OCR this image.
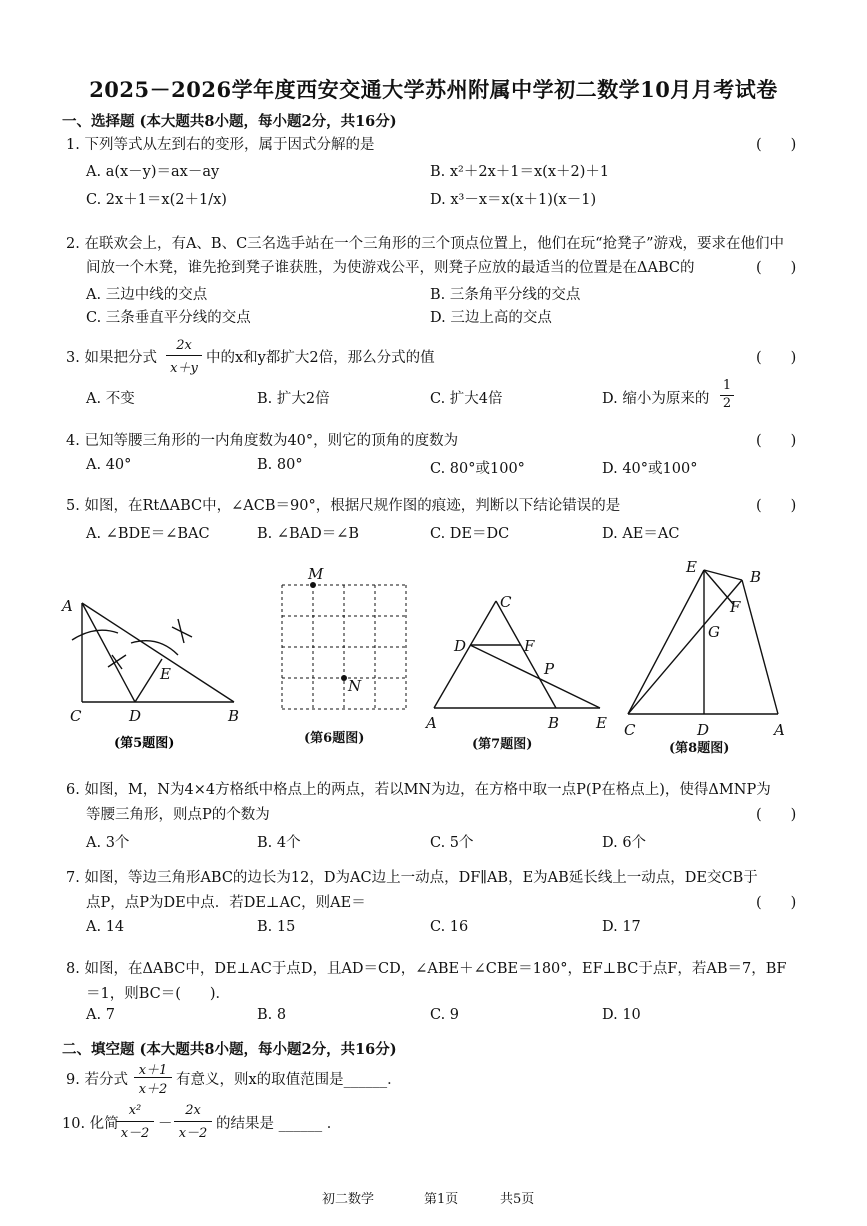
2025－2026学年度西安交通大学苏州附属中学初二数学10月月考试卷
一、选择题 (本大题共8小题，每小题2分，共16分)
1. 下列等式从左到右的变形，属于因式分解的是	(　　)
A. a(x－y)＝ax－ay	B. x²＋2x＋1＝x(x＋2)＋1
C. 2x＋1＝x(2＋1/x)	D. x³－x＝x(x＋1)(x－1)
2. 在联欢会上，有A、B、C三名选手站在一个三角形的三个顶点位置上，他们在玩“抢凳子”游戏，要求在他们中
间放一个木凳，谁先抢到凳子谁获胜，为使游戏公平，则凳子应放的最适当的位置是在ΔABC的	(　　)
A. 三边中线的交点	B. 三条角平分线的交点
C. 三条垂直平分线的交点	D. 三边上高的交点
3. 如果把分式
2x
x＋y
中的x和y都扩大2倍，那么分式的值	(　　)
A. 不变	B. 扩大2倍	C. 扩大4倍	D. 缩小为原来的
1
2
4. 已知等腰三角形的一内角度数为40°，则它的顶角的度数为	(　　)
A. 40°	B. 80°	C. 80°或100°	D. 40°或100°
5. 如图，在RtΔABC中，∠ACB＝90°，根据尺规作图的痕迹，判断以下结论错误的是	(　　)
A. ∠BDE＝∠BAC	B. ∠BAD＝∠B	C. DE＝DC	D. AE＝AC
A
C	D	B
E
(第5题图)
M
N
(第6题图)
C
D	F
P
A	B E
(第7题图)
E
B
F
G
C	D	A
(第8题图)
6. 如图，M，N为4×4方格纸中格点上的两点，若以MN为边，在方格中取一点P(P在格点上)，使得ΔMNP为
等腰三角形，则点P的个数为	(　　)
A. 3个	B. 4个	C. 5个	D. 6个
7. 如图，等边三角形ABC的边长为12，D为AC边上一动点，DF∥AB，E为AB延长线上一动点，DE交CB于
点P，点P为DE中点．若DE⊥AC，则AE＝	(　　)
A. 14	B. 15	C. 16	D. 17
8. 如图，在ΔABC中，DE⊥AC于点D，且AD＝CD，∠ABE＋∠CBE＝180°，EF⊥BC于点F，若AB＝7，BF
＝1，则BC＝(　　)．
A. 7	B. 8	C. 9	D. 10
二、填空题 (本大题共8小题，每小题2分，共16分)
9. 若分式
x＋1
x＋2
有意义，则x的取值范围是______．
10. 化简
x²
x－2
－
2x
x－2
的结果是 ______ ．
初二数学	第1页	共5页
